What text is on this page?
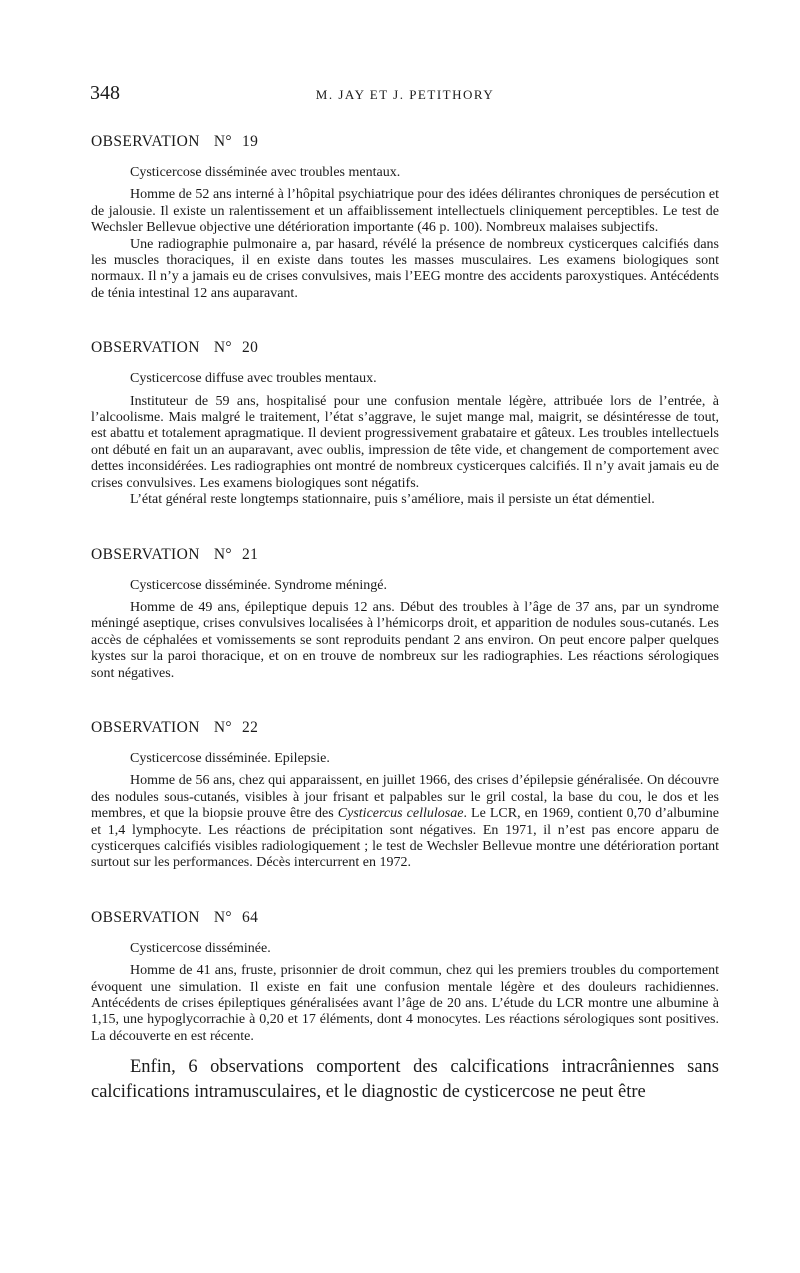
348	M. JAY ET J. PETITHORY
OBSERVATION N° 19

Cysticercose disséminée avec troubles mentaux.

Homme de 52 ans interné à l’hôpital psychiatrique pour des idées délirantes chroniques de persécution et de jalousie. Il existe un ralentissement et un affaiblissement intellectuels cliniquement perceptibles. Le test de Wechsler Bellevue objective une détérioration importante (46 p. 100). Nombreux malaises subjectifs.

Une radiographie pulmonaire a, par hasard, révélé la présence de nombreux cysticerques calcifiés dans les muscles thoraciques, il en existe dans toutes les masses musculaires. Les examens biologiques sont normaux. Il n’y a jamais eu de crises convulsives, mais l’EEG montre des accidents paroxystiques. Antécédents de ténia intestinal 12 ans auparavant.

OBSERVATION N° 20

Cysticercose diffuse avec troubles mentaux.

Instituteur de 59 ans, hospitalisé pour une confusion mentale légère, attribuée lors de l’entrée, à l’alcoolisme. Mais malgré le traitement, l’état s’aggrave, le sujet mange mal, maigrit, se désintéresse de tout, est abattu et totalement apragmatique. Il devient progressivement grabataire et gâteux. Les troubles intellectuels ont débuté en fait un an auparavant, avec oublis, impression de tête vide, et changement de comportement avec dettes inconsidérées. Les radiographies ont montré de nombreux cysticerques calcifiés. Il n’y avait jamais eu de crises convulsives. Les examens biologiques sont négatifs.

L’état général reste longtemps stationnaire, puis s’améliore, mais il persiste un état démentiel.

OBSERVATION N° 21

Cysticercose disséminée. Syndrome méningé.

Homme de 49 ans, épileptique depuis 12 ans. Début des troubles à l’âge de 37 ans, par un syndrome méningé aseptique, crises convulsives localisées à l’hémicorps droit, et apparition de nodules sous-cutanés. Les accès de céphalées et vomissements se sont reproduits pendant 2 ans environ. On peut encore palper quelques kystes sur la paroi thoracique, et on en trouve de nombreux sur les radiographies. Les réactions sérologiques sont négatives.

OBSERVATION N° 22

Cysticercose disséminée. Epilepsie.

Homme de 56 ans, chez qui apparaissent, en juillet 1966, des crises d’épilepsie généralisée. On découvre des nodules sous-cutanés, visibles à jour frisant et palpables sur le gril costal, la base du cou, le dos et les membres, et que la biopsie prouve être des Cysticercus cellulosae. Le LCR, en 1969, contient 0,70 d’albumine et 1,4 lymphocyte. Les réactions de précipitation sont négatives. En 1971, il n’est pas encore apparu de cysticerques calcifiés visibles radiologiquement ; le test de Wechsler Bellevue montre une détérioration portant surtout sur les performances. Décès intercurrent en 1972.

OBSERVATION N° 64

Cysticercose disséminée.

Homme de 41 ans, fruste, prisonnier de droit commun, chez qui les premiers troubles du comportement évoquent une simulation. Il existe en fait une confusion mentale légère et des douleurs rachidiennes. Antécédents de crises épileptiques généralisées avant l’âge de 20 ans. L’étude du LCR montre une albumine à 1,15, une hypoglycorrachie à 0,20 et 17 éléments, dont 4 monocytes. Les réactions sérologiques sont positives. La découverte en est récente.

Enfin, 6 observations comportent des calcifications intracrâniennes sans calcifications intramusculaires, et le diagnostic de cysticercose ne peut être
